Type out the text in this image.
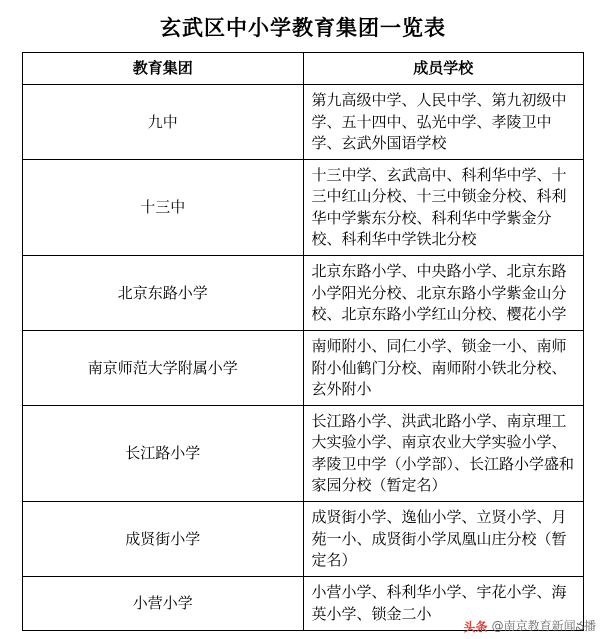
玄武区中小学教育集团一览表
教育集团	成员学校
九中	第九高级中学、人民中学、第九初级中学、五十四中、弘光中学、孝陵卫中学、玄武外国语学校
十三中	十三中学、玄武高中、科利华中学、十三中红山分校、十三中锁金分校、科利华中学紫东分校、科利华中学紫金分校、科利华中学铁北分校
北京东路小学	北京东路小学、中央路小学、北京东路小学阳光分校、北京东路小学紫金山分校、北京东路小学红山分校、樱花小学
南京师范大学附属小学	南师附小、同仁小学、锁金一小、南师附小仙鹤门分校、南师附小铁北分校、玄外附小
长江路小学	长江路小学、洪武北路小学、南京理工大实验小学、南京农业大学实验小学、孝陵卫中学（小学部）、长江路小学盛和家园分校（暂定名）
成贤街小学	成贤街小学、逸仙小学、立贤小学、月苑一小、成贤街小学凤凰山庄分校（暂定名）
小营小学	小营小学、科利华小学、宇花小学、海英小学、锁金二小
头条 @南京教育新闻న播
